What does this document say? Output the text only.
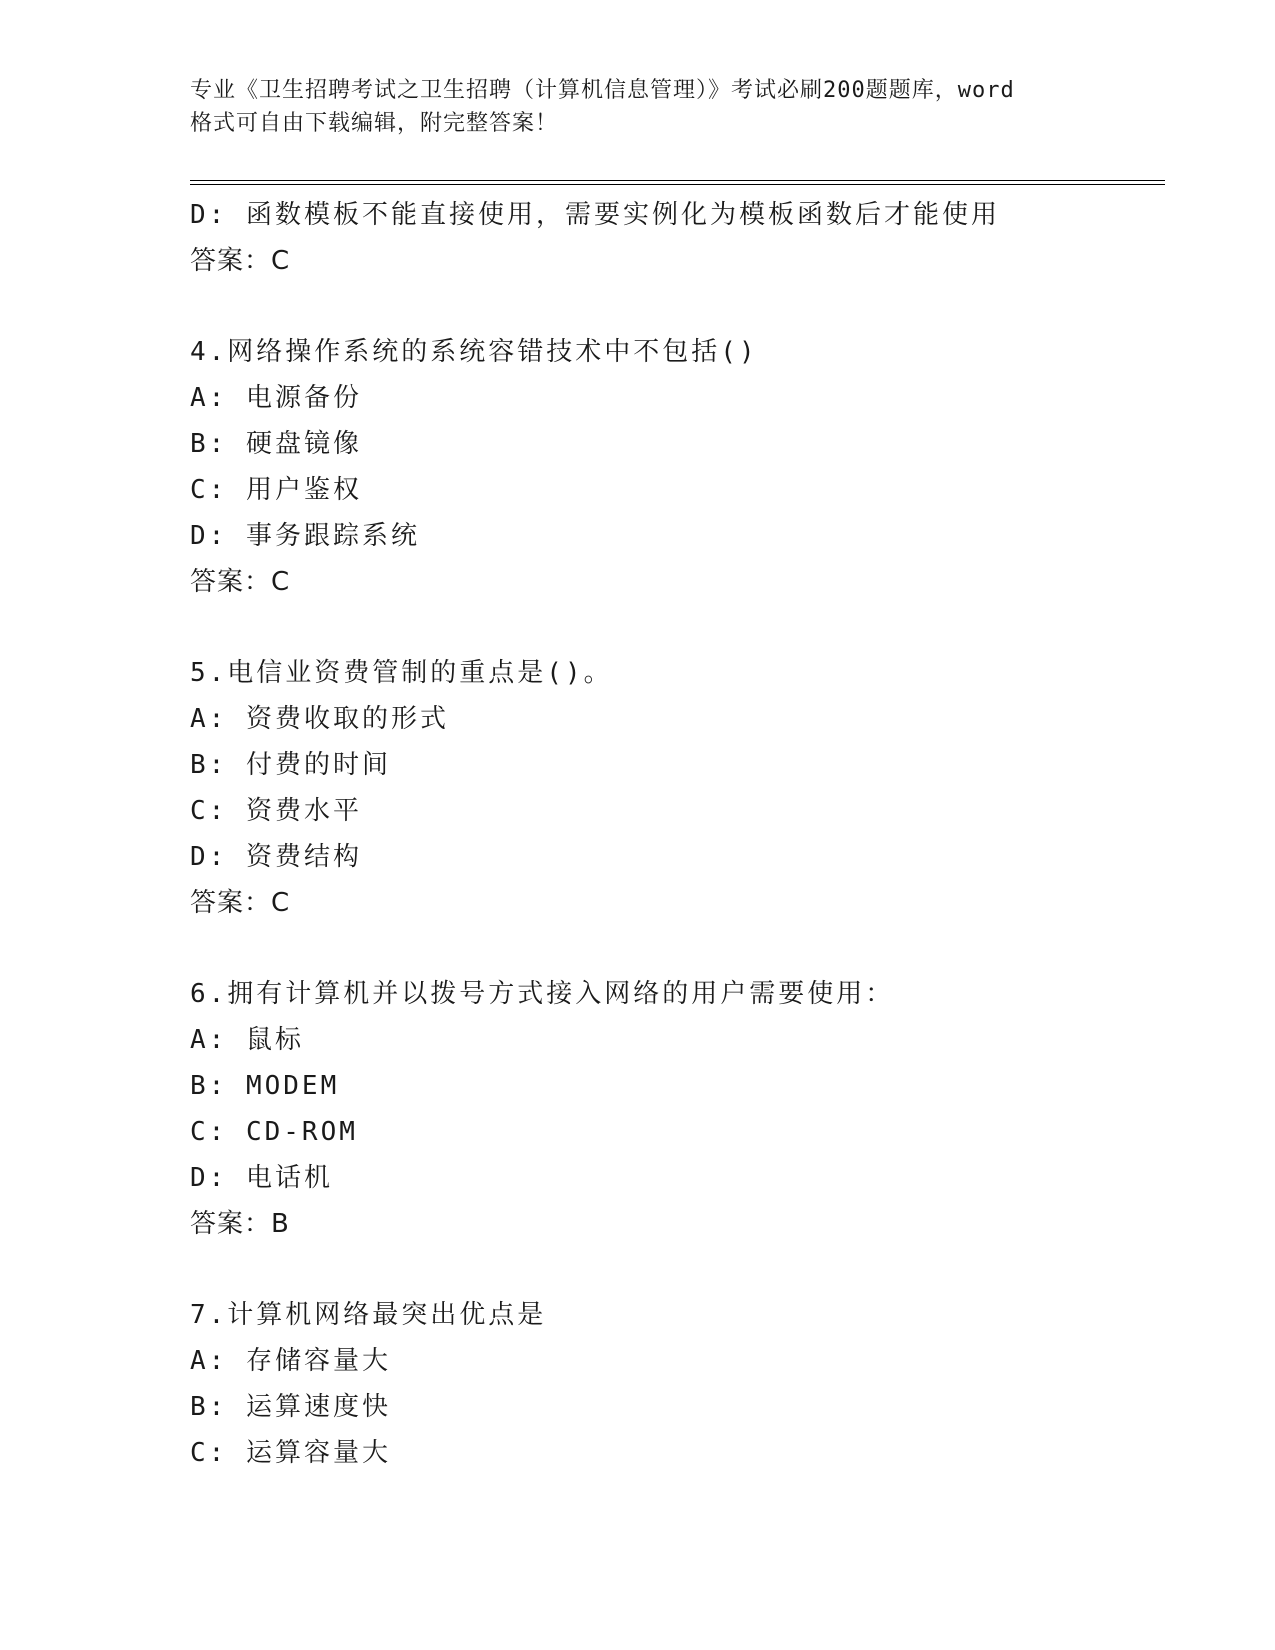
专业《卫生招聘考试之卫生招聘（计算机信息管理）》考试必刷200题题库，word
格式可自由下载编辑，附完整答案！
D: 函数模板不能直接使用，需要实例化为模板函数后才能使用
答案：C
4.网络操作系统的系统容错技术中不包括()
A: 电源备份
B: 硬盘镜像
C: 用户鉴权
D: 事务跟踪系统
答案：C
5.电信业资费管制的重点是()。
A: 资费收取的形式
B: 付费的时间
C: 资费水平
D: 资费结构
答案：C
6.拥有计算机并以拨号方式接入网络的用户需要使用：
A: 鼠标
B: MODEM
C: CD-ROM
D: 电话机
答案：B
7.计算机网络最突出优点是
A: 存储容量大
B: 运算速度快
C: 运算容量大
